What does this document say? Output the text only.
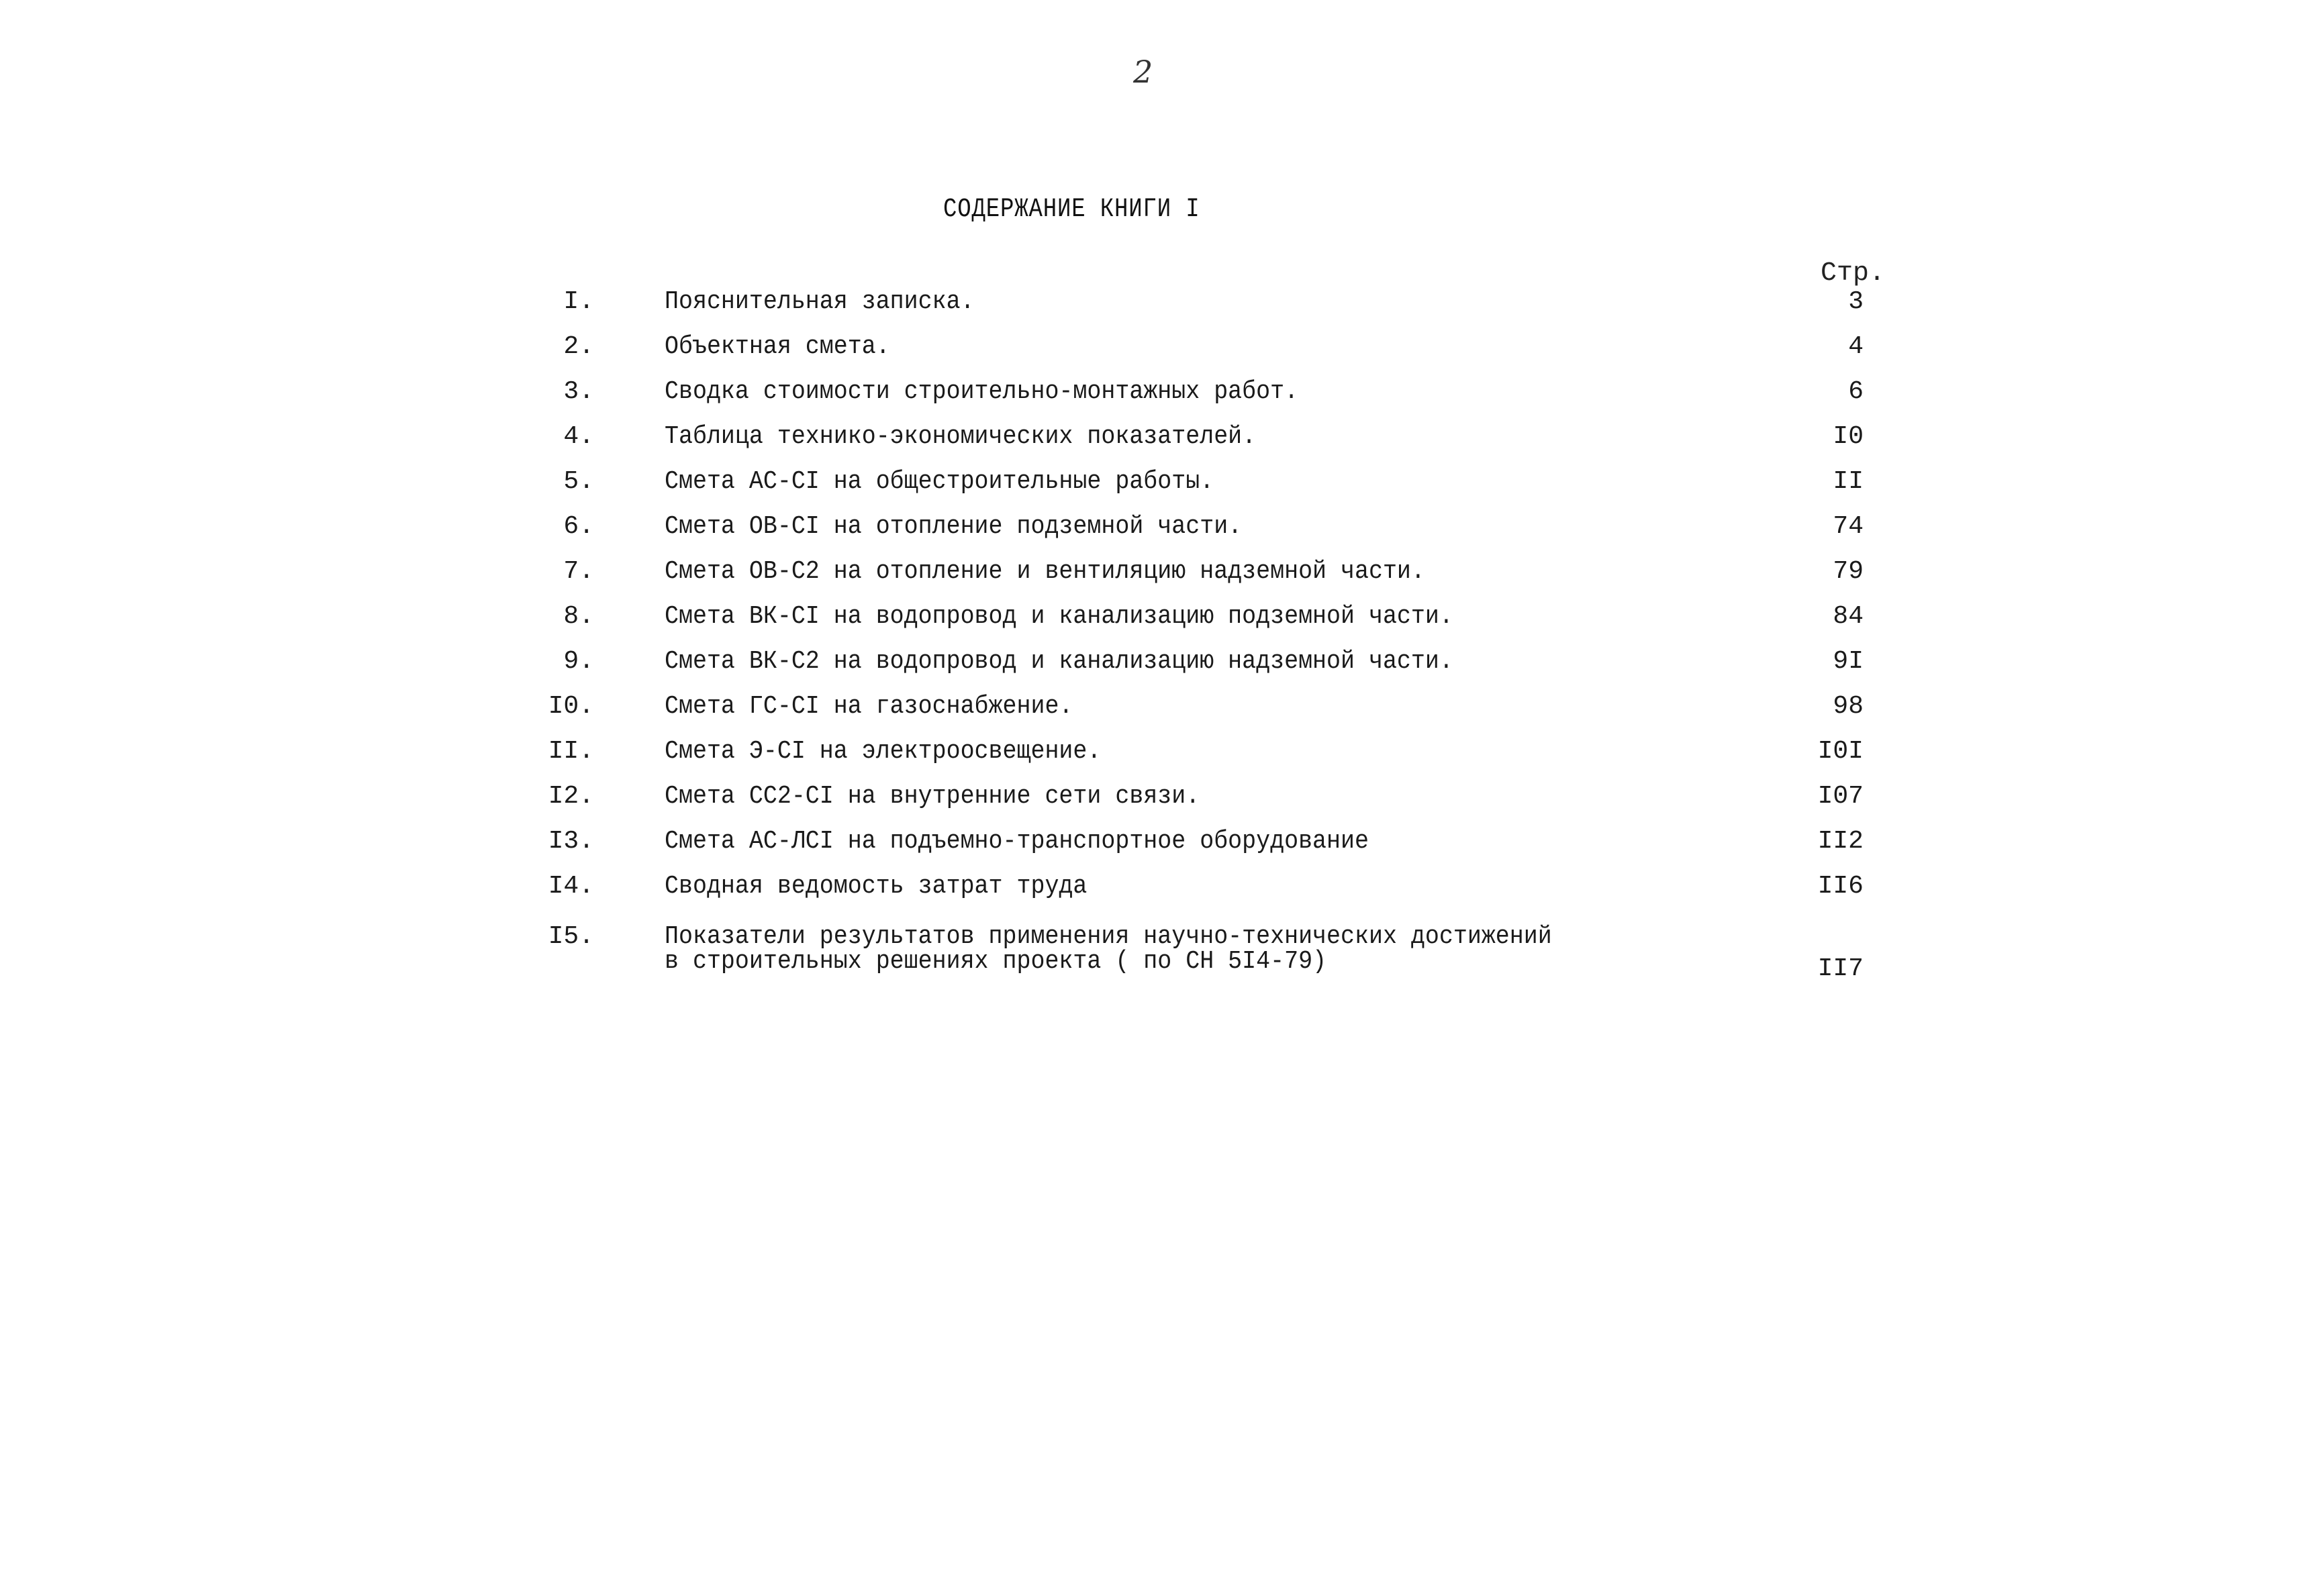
2
СОДЕРЖАНИЕ КНИГИ I
Стр.
I.	Пояснительная записка.	3
2.	Объектная смета.	4
3.	Сводка стоимости строительно-монтажных работ.	6
4.	Таблица технико-экономических показателей.	I0
5.	Смета АС-СI на общестроительные работы.	II
6.	Смета ОВ-СI на отопление подземной части.	74
7.	Смета ОВ-С2 на отопление и вентиляцию надземной части.	79
8.	Смета ВК-СI на водопровод и канализацию подземной части.	84
9.	Смета ВК-С2 на водопровод и канализацию надземной части.	9I
I0.	Смета ГС-СI на газоснабжение.	98
II.	Смета Э-СI на электроосвещение.	I0I
I2.	Смета СС2-СI на внутренние сети связи.	I07
I3.	Смета АС-ЛСI на подъемно-транспортное оборудование	II2
I4.	Сводная ведомость затрат труда	II6
I5.	Показатели результатов применения научно-технических достижений
в строительных решениях проекта ( по СН 5I4-79)	II7
